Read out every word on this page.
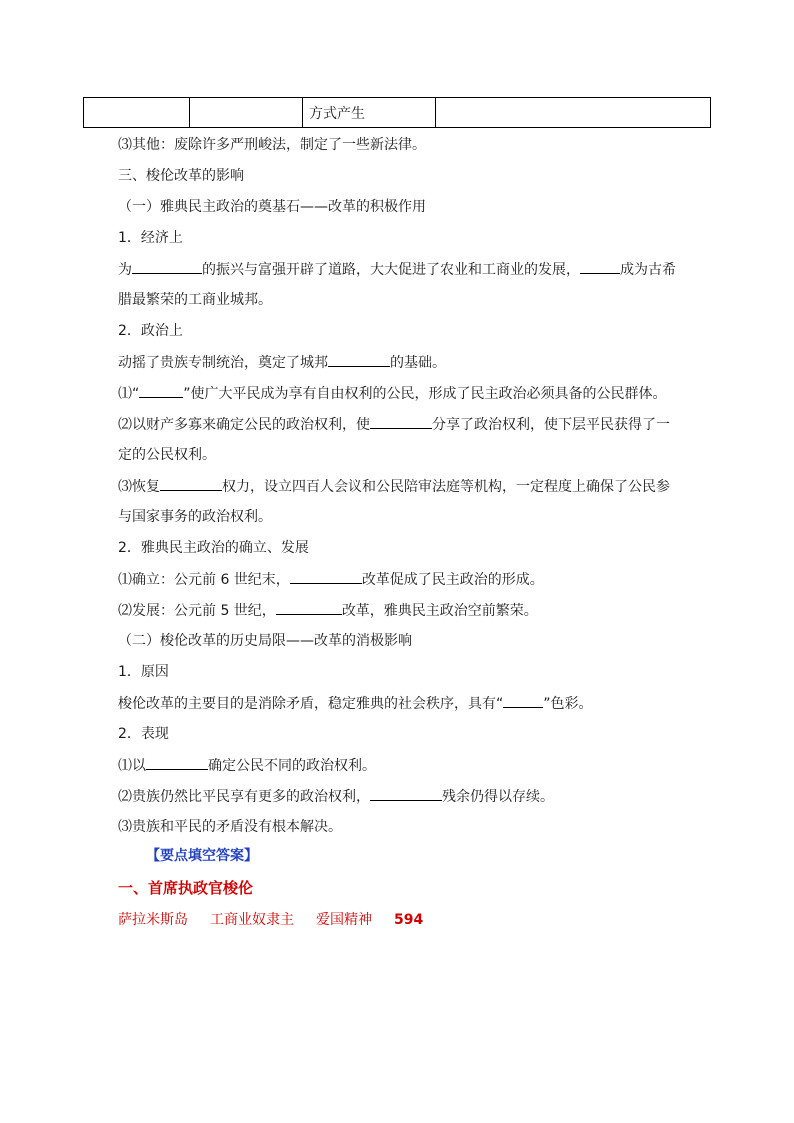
		方式产生	
⑶其他：废除许多严刑峻法，制定了一些新法律。
三、梭伦改革的影响
（一）雅典民主政治的奠基石——改革的积极作用
1．经济上
为	的振兴与富强开辟了道路，大大促进了农业和工商业的发展，	成为古希
腊最繁荣的工商业城邦。
2．政治上
动摇了贵族专制统治，奠定了城邦	的基础。
⑴“	”使广大平民成为享有自由权利的公民，形成了民主政治必须具备的公民群体。
⑵以财产多寡来确定公民的政治权利，使	分享了政治权利，使下层平民获得了一
定的公民权利。
⑶恢复	权力，设立四百人会议和公民陪审法庭等机构，一定程度上确保了公民参
与国家事务的政治权利。
2．雅典民主政治的确立、发展
⑴确立：公元前 6 世纪末，	改革促成了民主政治的形成。
⑵发展：公元前 5 世纪，	改革，雅典民主政治空前繁荣。
（二）梭伦改革的历史局限——改革的消极影响
1．原因
梭伦改革的主要目的是消除矛盾，稳定雅典的社会秩序，具有“	”色彩。
2．表现
⑴以	确定公民不同的政治权利。
⑵贵族仍然比平民享有更多的政治权利，	残余仍得以存续。
⑶贵族和平民的矛盾没有根本解决。
【要点填空答案】
一、首席执政官梭伦
萨拉米斯岛 工商业奴隶主 爱国精神 594
